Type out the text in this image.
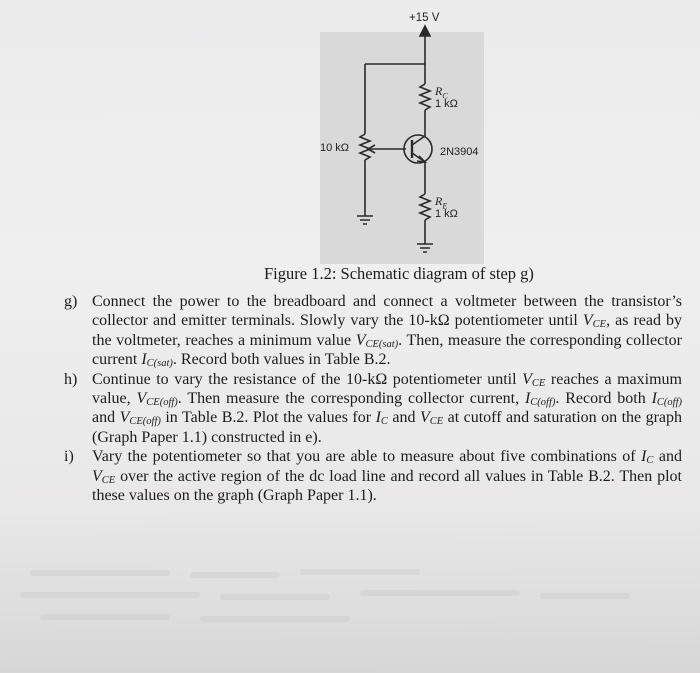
+15 V
$R_C$
1 kΩ
10 kΩ	2N3904
$R_E$
1 kΩ
Figure 1.2: Schematic diagram of step g)
g) Connect the power to the breadboard and connect a voltmeter between the transistor’s collector and emitter terminals. Slowly vary the 10-kΩ potentiometer until $V_{CE}$, as read by the voltmeter, reaches a minimum value $V_{CE(sat)}$. Then, measure the corresponding collector current $I_{C(sat)}$. Record both values in Table B.2.
h) Continue to vary the resistance of the 10-kΩ potentiometer until $V_{CE}$ reaches a maximum value, $V_{CE(off)}$. Then measure the corresponding collector current, $I_{C(off)}$. Record both $I_{C(off)}$ and $V_{CE(off)}$ in Table B.2. Plot the values for $I_C$ and $V_{CE}$ at cutoff and saturation on the graph (Graph Paper 1.1) constructed in e).
i) Vary the potentiometer so that you are able to measure about five combinations of $I_C$ and $V_{CE}$ over the active region of the dc load line and record all values in Table B.2. Then plot these values on the graph (Graph Paper 1.1).
